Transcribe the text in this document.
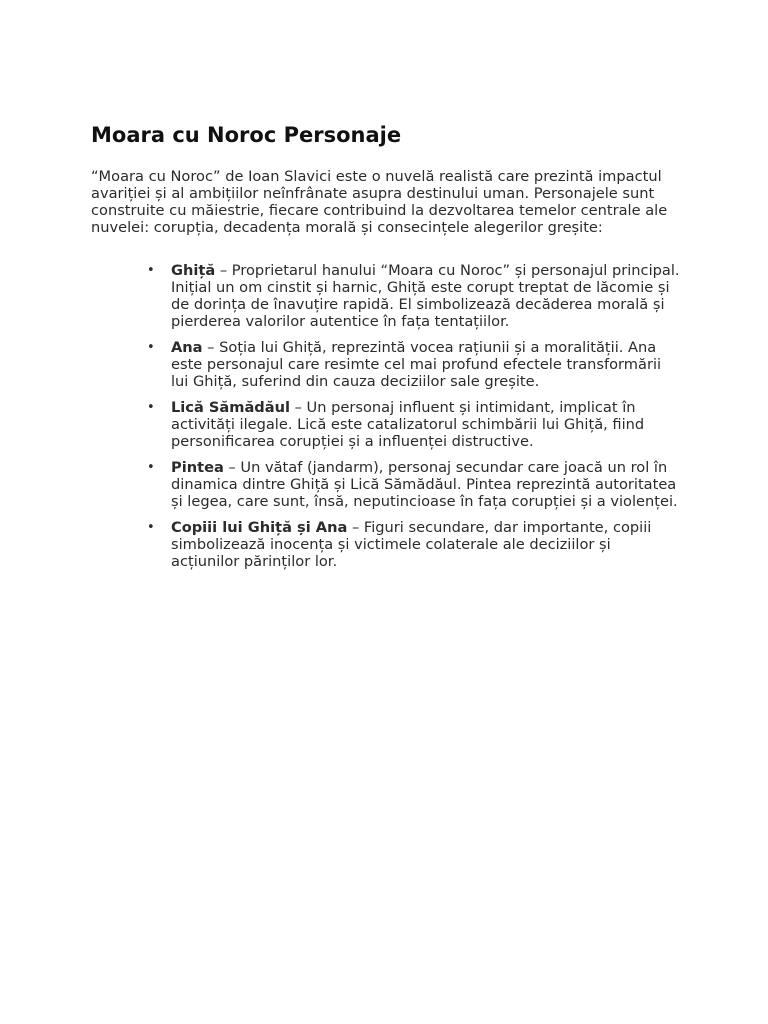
Moara cu Noroc Personaje

“Moara cu Noroc” de Ioan Slavici este o nuvelă realistă care prezintă impactul avariției și al ambițiilor neînfrânate asupra destinului uman. Personajele sunt construite cu măiestrie, fiecare contribuind la dezvoltarea temelor centrale ale nuvelei: corupția, decadența morală și consecințele alegerilor greșite:

• Ghiță – Proprietarul hanului “Moara cu Noroc” și personajul principal. Inițial un om cinstit și harnic, Ghiță este corupt treptat de lăcomie și de dorința de înavuțire rapidă. El simbolizează decăderea morală și pierderea valorilor autentice în fața tentațiilor.
• Ana – Soția lui Ghiță, reprezintă vocea rațiunii și a moralității. Ana este personajul care resimte cel mai profund efectele transformării lui Ghiță, suferind din cauza deciziilor sale greșite.
• Lică Sămădăul – Un personaj influent și intimidant, implicat în activități ilegale. Lică este catalizatorul schimbării lui Ghiță, fiind personificarea corupției și a influenței distructive.
• Pintea – Un vătaf (jandarm), personaj secundar care joacă un rol în dinamica dintre Ghiță și Lică Sămădăul. Pintea reprezintă autoritatea și legea, care sunt, însă, neputincioase în fața corupției și a violenței.
• Copiii lui Ghiță și Ana – Figuri secundare, dar importante, copiii simbolizează inocența și victimele colaterale ale deciziilor și acțiunilor părinților lor.
